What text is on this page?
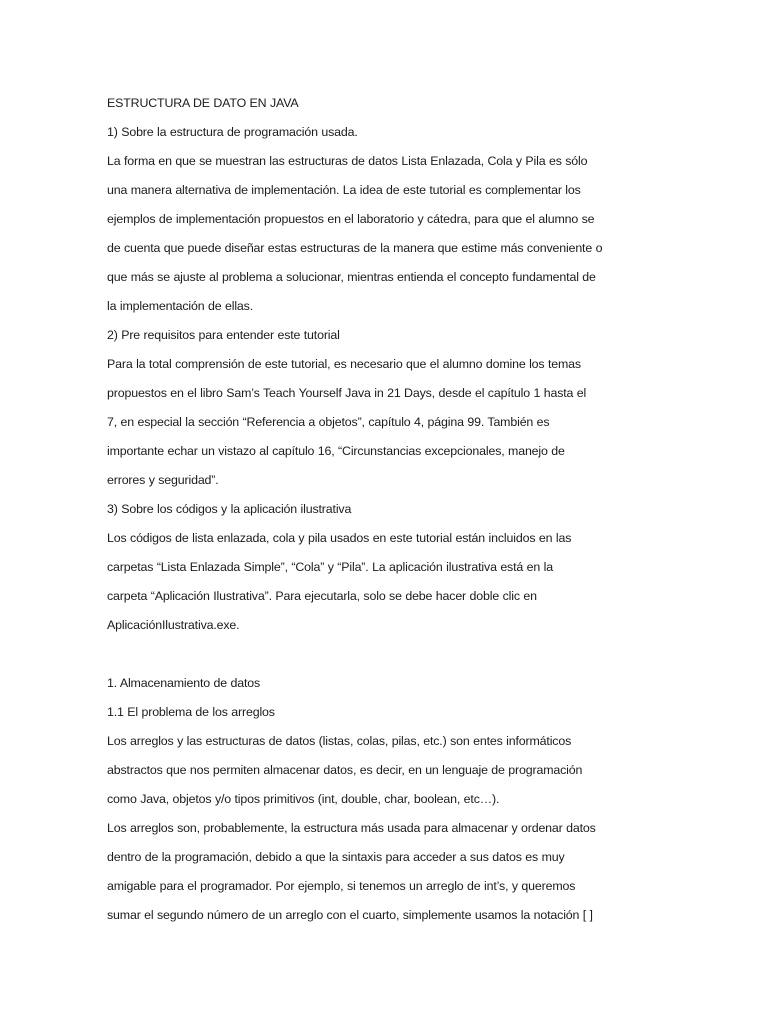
ESTRUCTURA DE DATO EN JAVA
1) Sobre la estructura de programación usada.
La forma en que se muestran las estructuras de datos Lista Enlazada, Cola y Pila es sólo
una manera alternativa de implementación. La idea de este tutorial es complementar los
ejemplos de implementación propuestos en el laboratorio y cátedra, para que el alumno se
de cuenta que puede diseñar estas estructuras de la manera que estime más conveniente o
que más se ajuste al problema a solucionar, mientras entienda el concepto fundamental de
la implementación de ellas.
2) Pre requisitos para entender este tutorial
Para la total comprensión de este tutorial, es necesario que el alumno domine los temas
propuestos en el libro Sam’s Teach Yourself Java in 21 Days, desde el capítulo 1 hasta el
7, en especial la sección “Referencia a objetos”, capítulo 4, página 99. También es
importante echar un vistazo al capítulo 16, “Circunstancias excepcionales, manejo de
errores y seguridad”.
3) Sobre los códigos y la aplicación ilustrativa
Los códigos de lista enlazada, cola y pila usados en este tutorial están incluidos en las
carpetas “Lista Enlazada Simple”, “Cola” y “Pila”. La aplicación ilustrativa está en la
carpeta “Aplicación Ilustrativa”. Para ejecutarla, solo se debe hacer doble clic en
AplicaciónIlustrativa.exe.
1. Almacenamiento de datos
1.1 El problema de los arreglos
Los arreglos y las estructuras de datos (listas, colas, pilas, etc.) son entes informáticos
abstractos que nos permiten almacenar datos, es decir, en un lenguaje de programación
como Java, objetos y/o tipos primitivos (int, double, char, boolean, etc…).
Los arreglos son, probablemente, la estructura más usada para almacenar y ordenar datos
dentro de la programación, debido a que la sintaxis para acceder a sus datos es muy
amigable para el programador. Por ejemplo, si tenemos un arreglo de int’s, y queremos
sumar el segundo número de un arreglo con el cuarto, simplemente usamos la notación [ ]
